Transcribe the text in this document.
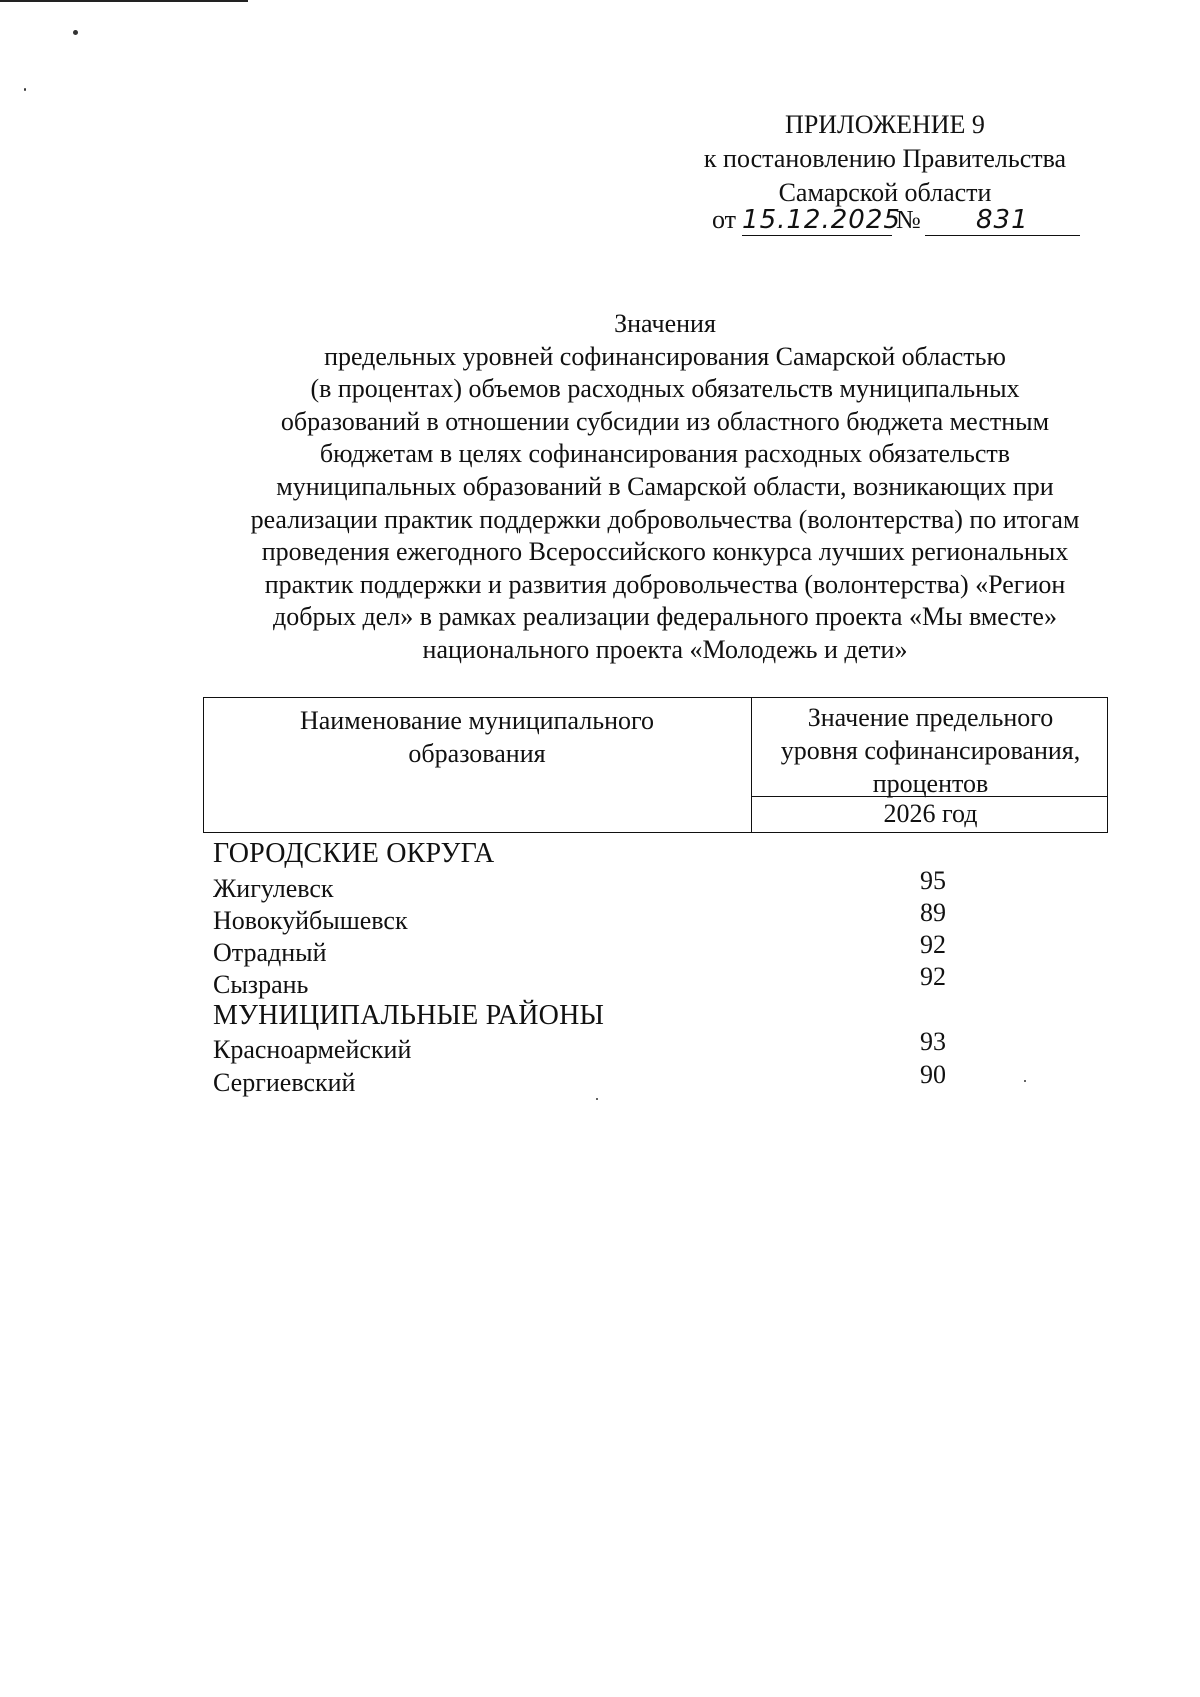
ПРИЛОЖЕНИЕ 9
к постановлению Правительства
Самарской области
от 15.12.2025№ 831
Значения
предельных уровней софинансирования Самарской областью
(в процентах) объемов расходных обязательств муниципальных
образований в отношении субсидии из областного бюджета местным
бюджетам в целях софинансирования расходных обязательств
муниципальных образований в Самарской области, возникающих при
реализации практик поддержки добровольчества (волонтерства) по итогам
проведения ежегодного Всероссийского конкурса лучших региональных
практик поддержки и развития добровольчества (волонтерства) «Регион
добрых дел» в рамках реализации федерального проекта «Мы вместе»
национального проекта «Молодежь и дети»
Наименование муниципального
образования
Значение предельного
уровня софинансирования,
процентов
2026 год
ГОРОДСКИЕ ОКРУГА
Жигулевск	95
Новокуйбышевск	89
Отрадный	92
Сызрань	92
МУНИЦИПАЛЬНЫЕ РАЙОНЫ
Красноармейский	93
Сергиевский	90
